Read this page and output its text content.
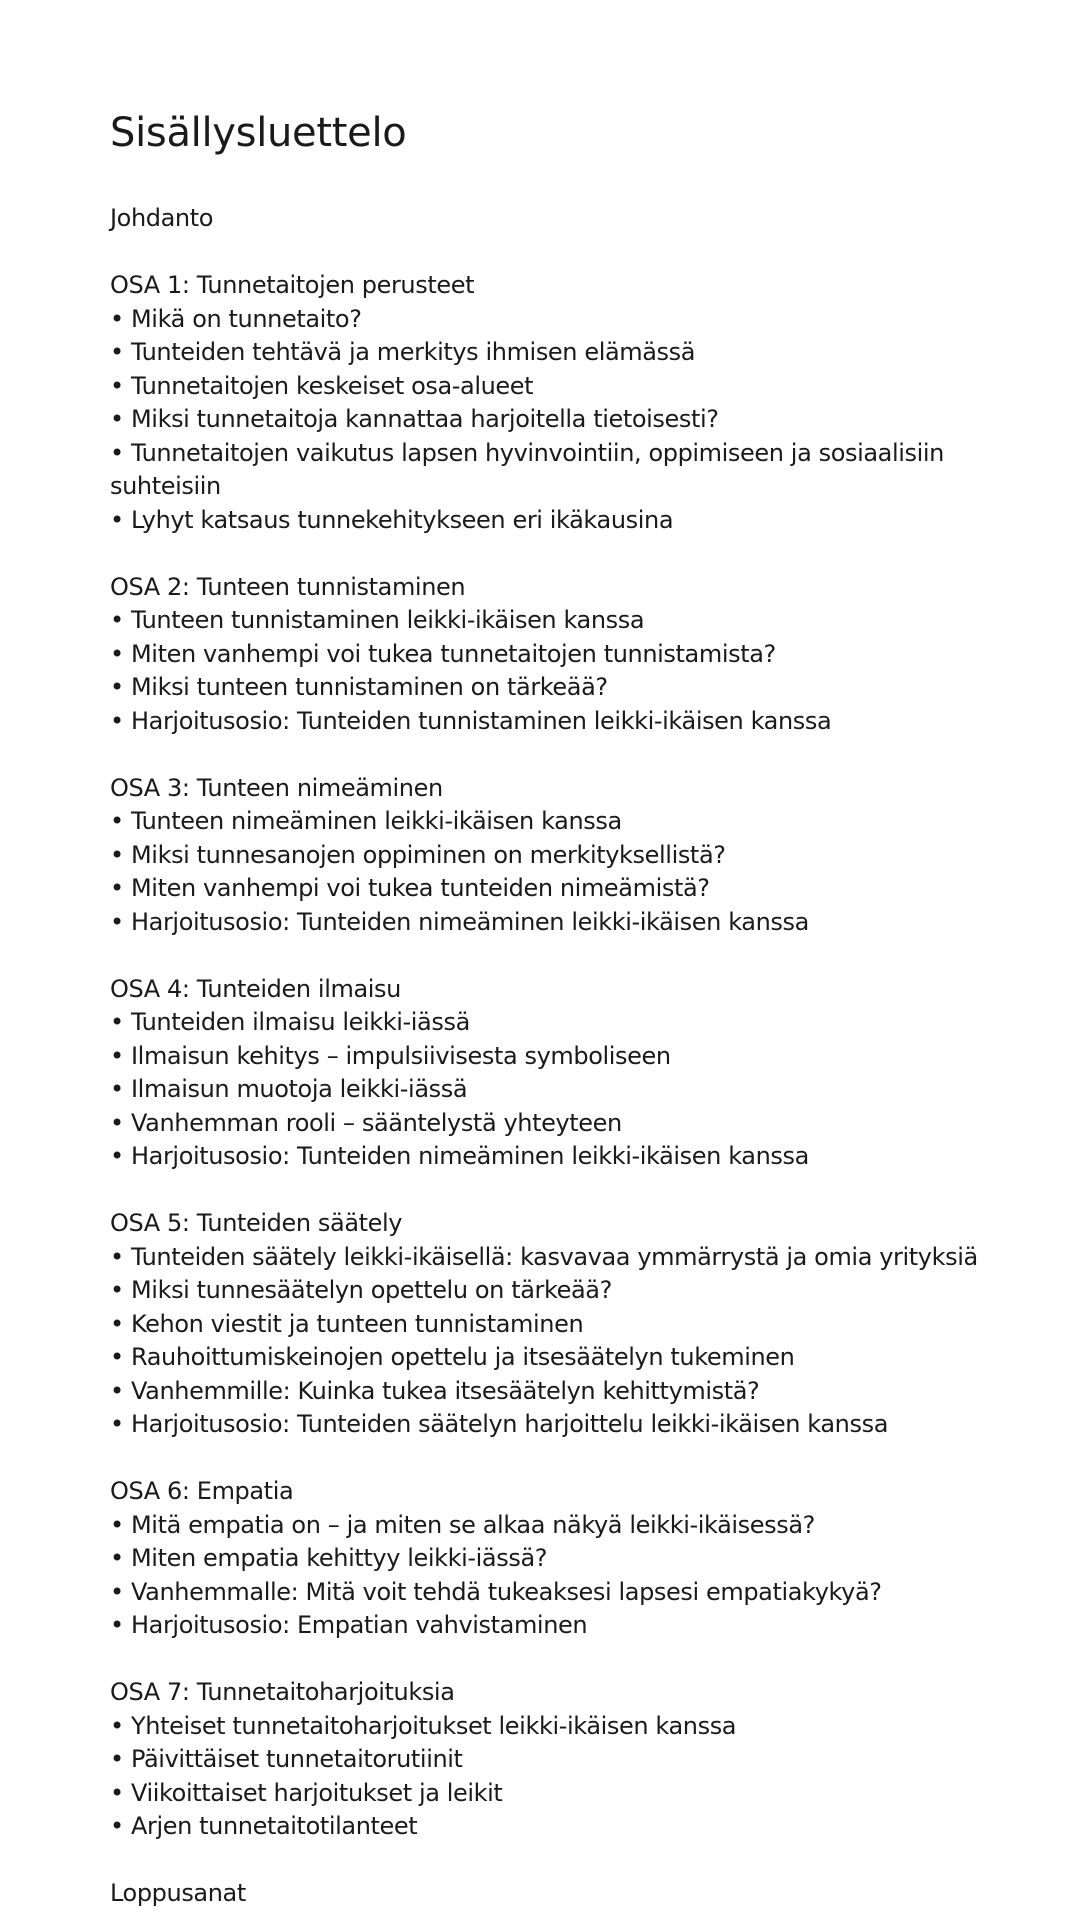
Sisällysluettelo

Johdanto

OSA 1: Tunnetaitojen perusteet

• Mikä on tunnetaito?

• Tunteiden tehtävä ja merkitys ihmisen elämässä

• Tunnetaitojen keskeiset osa-alueet

• Miksi tunnetaitoja kannattaa harjoitella tietoisesti?

• Tunnetaitojen vaikutus lapsen hyvinvointiin, oppimiseen ja sosiaalisiin suhteisiin

• Lyhyt katsaus tunnekehitykseen eri ikäkausina

OSA 2: Tunteen tunnistaminen

• Tunteen tunnistaminen leikki-ikäisen kanssa

• Miten vanhempi voi tukea tunnetaitojen tunnistamista?

• Miksi tunteen tunnistaminen on tärkeää?

• Harjoitusosio: Tunteiden tunnistaminen leikki-ikäisen kanssa

OSA 3: Tunteen nimeäminen

• Tunteen nimeäminen leikki-ikäisen kanssa

• Miksi tunnesanojen oppiminen on merkityksellistä?

• Miten vanhempi voi tukea tunteiden nimeämistä?

• Harjoitusosio: Tunteiden nimeäminen leikki-ikäisen kanssa

OSA 4: Tunteiden ilmaisu

• Tunteiden ilmaisu leikki-iässä

• Ilmaisun kehitys – impulsiivisesta symboliseen

• Ilmaisun muotoja leikki-iässä

• Vanhemman rooli – sääntelystä yhteyteen

• Harjoitusosio: Tunteiden nimeäminen leikki-ikäisen kanssa

OSA 5: Tunteiden säätely

• Tunteiden säätely leikki-ikäisellä: kasvavaa ymmärrystä ja omia yrityksiä

• Miksi tunnesäätelyn opettelu on tärkeää?

• Kehon viestit ja tunteen tunnistaminen

• Rauhoittumiskeinojen opettelu ja itsesäätelyn tukeminen

• Vanhemmille: Kuinka tukea itsesäätelyn kehittymistä?

• Harjoitusosio: Tunteiden säätelyn harjoittelu leikki-ikäisen kanssa

OSA 6: Empatia

• Mitä empatia on – ja miten se alkaa näkyä leikki-ikäisessä?

• Miten empatia kehittyy leikki-iässä?

• Vanhemmalle: Mitä voit tehdä tukeaksesi lapsesi empatiakykyä?

• Harjoitusosio: Empatian vahvistaminen

OSA 7: Tunnetaitoharjoituksia

• Yhteiset tunnetaitoharjoitukset leikki-ikäisen kanssa

• Päivittäiset tunnetaitorutiinit

• Viikoittaiset harjoitukset ja leikit

• Arjen tunnetaitotilanteet

Loppusanat
